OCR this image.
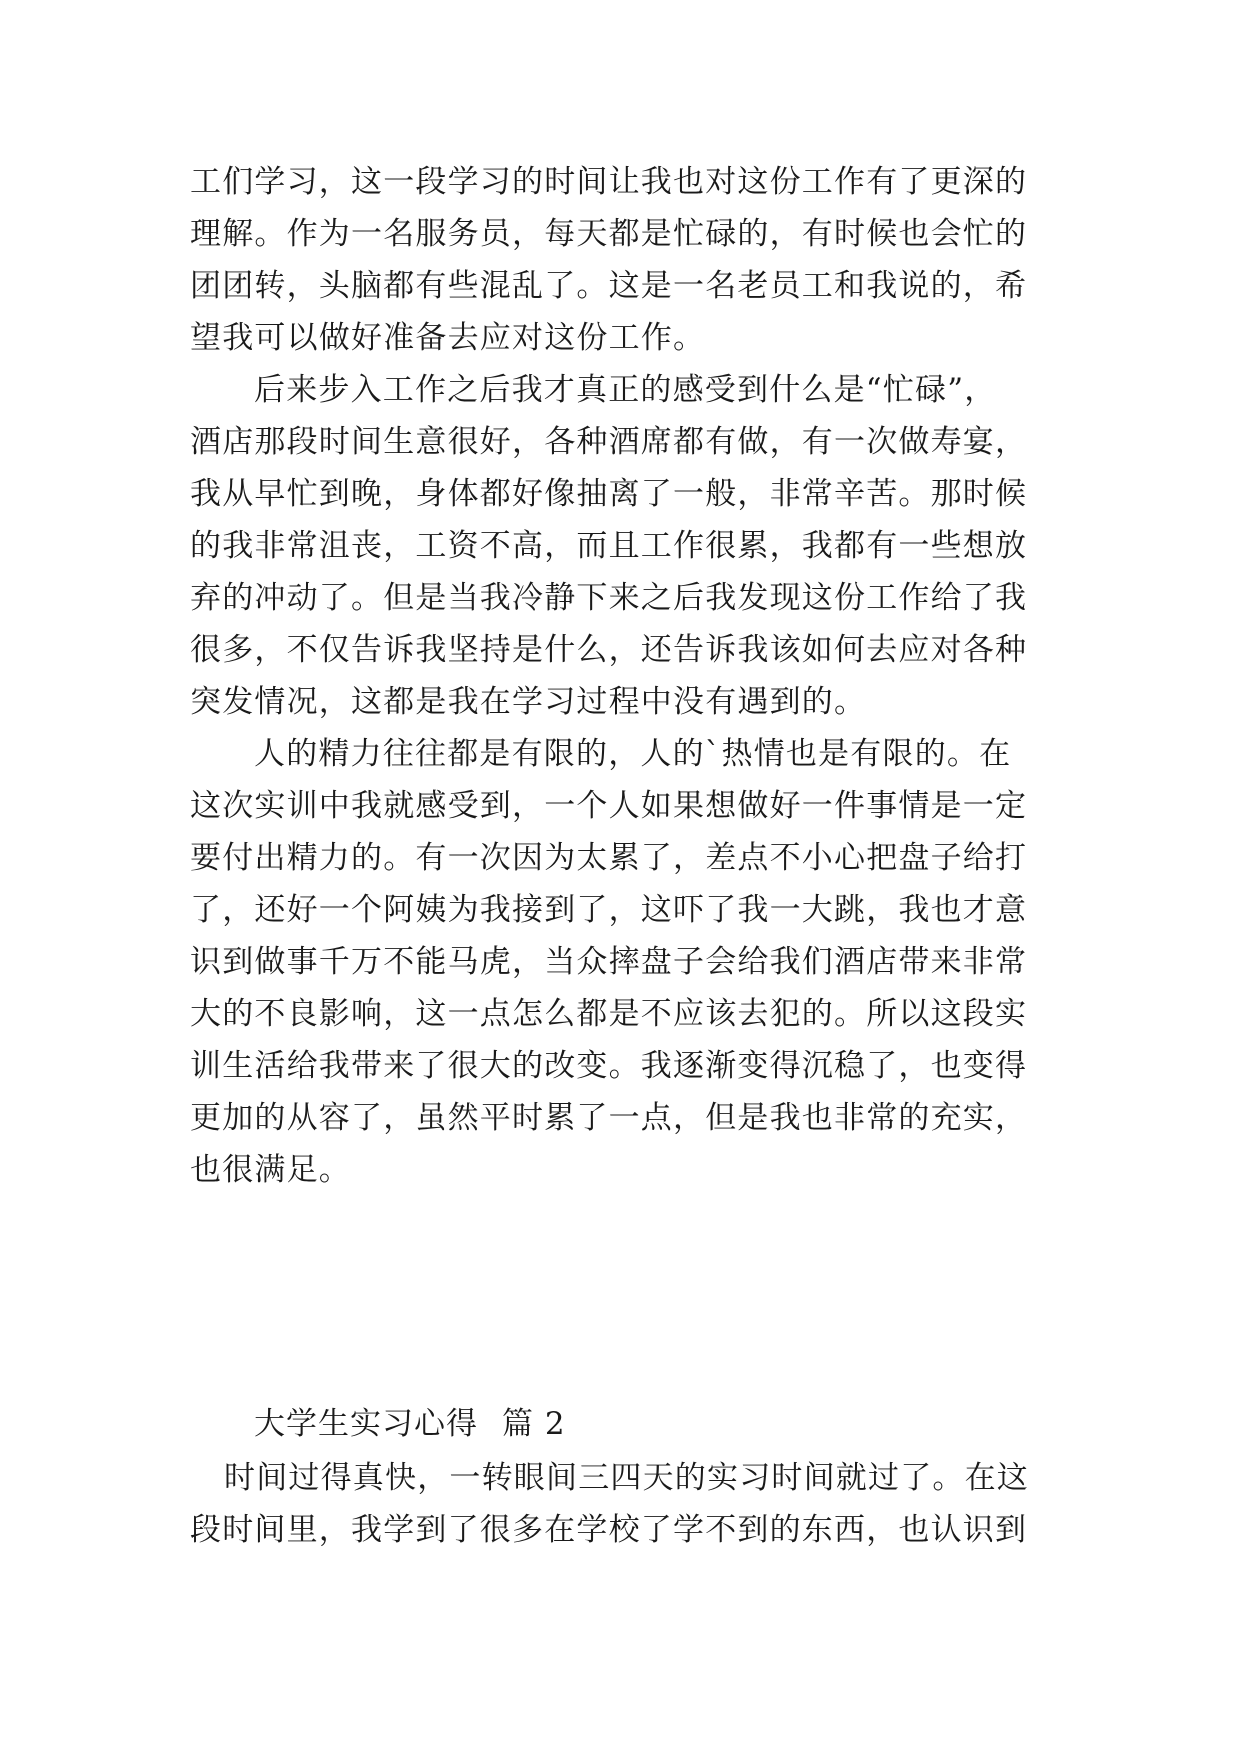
工们学习，这一段学习的时间让我也对这份工作有了更深的
理解。作为一名服务员，每天都是忙碌的，有时候也会忙的
团团转，头脑都有些混乱了。这是一名老员工和我说的，希
望我可以做好准备去应对这份工作。
后来步入工作之后我才真正的感受到什么是“忙碌”，
酒店那段时间生意很好，各种酒席都有做，有一次做寿宴，
我从早忙到晚，身体都好像抽离了一般，非常辛苦。那时候
的我非常沮丧，工资不高，而且工作很累，我都有一些想放
弃的冲动了。但是当我冷静下来之后我发现这份工作给了我
很多，不仅告诉我坚持是什么，还告诉我该如何去应对各种
突发情况，这都是我在学习过程中没有遇到的。
人的精力往往都是有限的，人的`热情也是有限的。在
这次实训中我就感受到，一个人如果想做好一件事情是一定
要付出精力的。有一次因为太累了，差点不小心把盘子给打
了，还好一个阿姨为我接到了，这吓了我一大跳，我也才意
识到做事千万不能马虎，当众摔盘子会给我们酒店带来非常
大的不良影响，这一点怎么都是不应该去犯的。所以这段实
训生活给我带来了很大的改变。我逐渐变得沉稳了，也变得
更加的从容了，虽然平时累了一点，但是我也非常的充实，
也很满足。
大学生实习心得 篇 2
时间过得真快，一转眼间三四天的实习时间就过了。在这
段时间里，我学到了很多在学校了学不到的东西，也认识到
